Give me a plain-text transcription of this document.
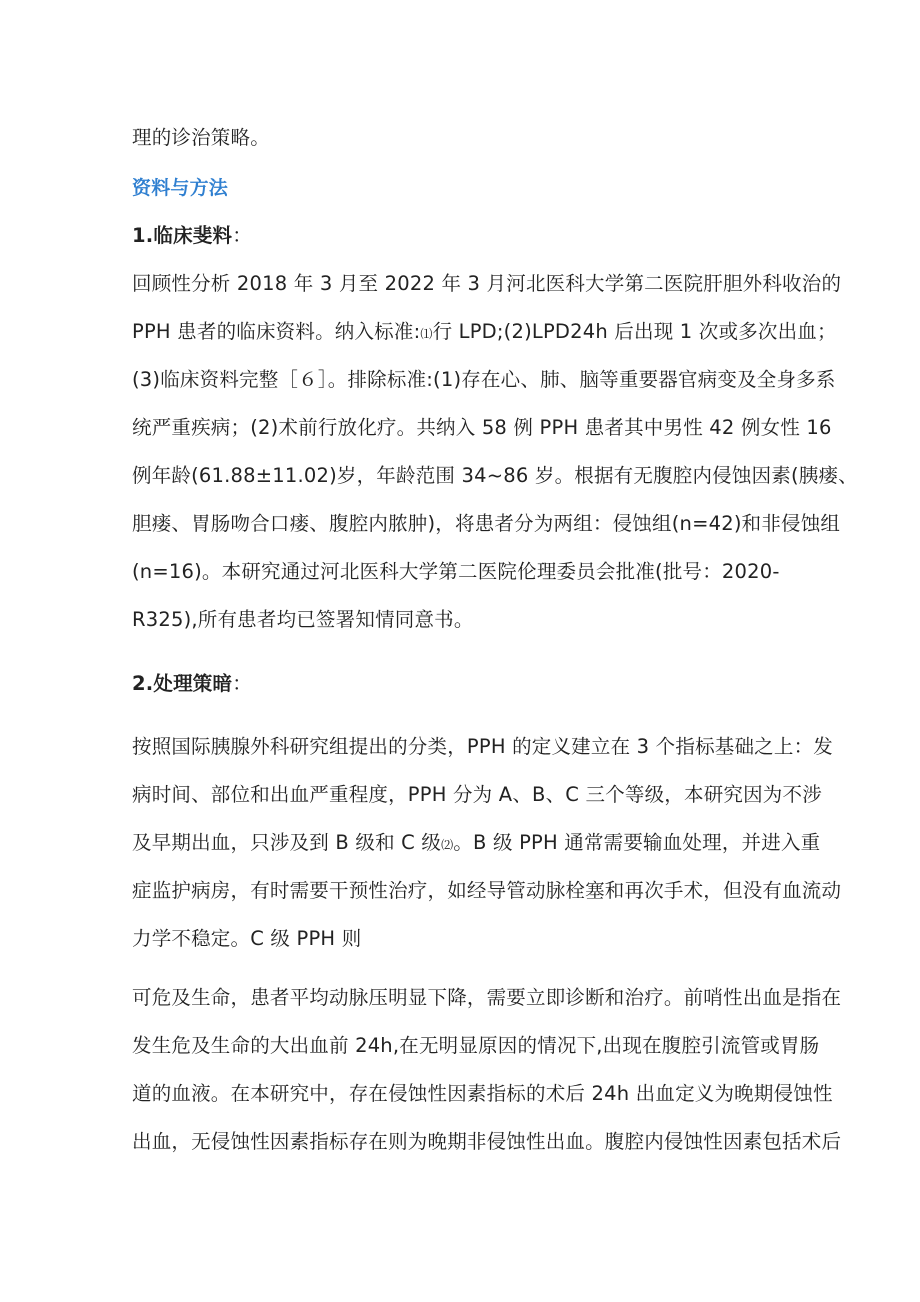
理的诊治策略。
资料与方法
1.临床斐料：
回顾性分析 2018 年 3 月至 2022 年 3 月河北医科大学第二医院肝胆外科收治的
PPH 患者的临床资料。纳入标准:⑴行 LPD;(2)LPD24h 后出现 1 次或多次出血；
(3)临床资料完整［６］。排除标准:(1)存在心、肺、脑等重要器官病变及全身多系
统严重疾病；(2)术前行放化疗。共纳入 58 例 PPH 患者其中男性 42 例女性 16
例年龄(61.88±11.02)岁，年龄范围 34~86 岁。根据有无腹腔内侵蚀因素(胰瘘、
胆瘘、胃肠吻合口瘘、腹腔内脓肿)，将患者分为两组：侵蚀组(n=42)和非侵蚀组
(n=16)。本研究通过河北医科大学第二医院伦理委员会批准(批号：2020-
R325),所有患者均已签署知情同意书。
2.处理策暗：
按照国际胰腺外科研究组提出的分类，PPH 的定义建立在 3 个指标基础之上：发
病时间、部位和出血严重程度，PPH 分为 A、B、C 三个等级，本研究因为不涉
及早期出血，只涉及到 B 级和 C 级⑵。B 级 PPH 通常需要输血处理，并进入重
症监护病房，有时需要干预性治疗，如经导管动脉栓塞和再次手术，但没有血流动
力学不稳定。C 级 PPH 则
可危及生命，患者平均动脉压明显下降，需要立即诊断和治疗。前哨性出血是指在
发生危及生命的大出血前 24h,在无明显原因的情况下,出现在腹腔引流管或胃肠
道的血液。在本研究中，存在侵蚀性因素指标的术后 24h 出血定义为晚期侵蚀性
出血，无侵蚀性因素指标存在则为晚期非侵蚀性出血。腹腔内侵蚀性因素包括术后
